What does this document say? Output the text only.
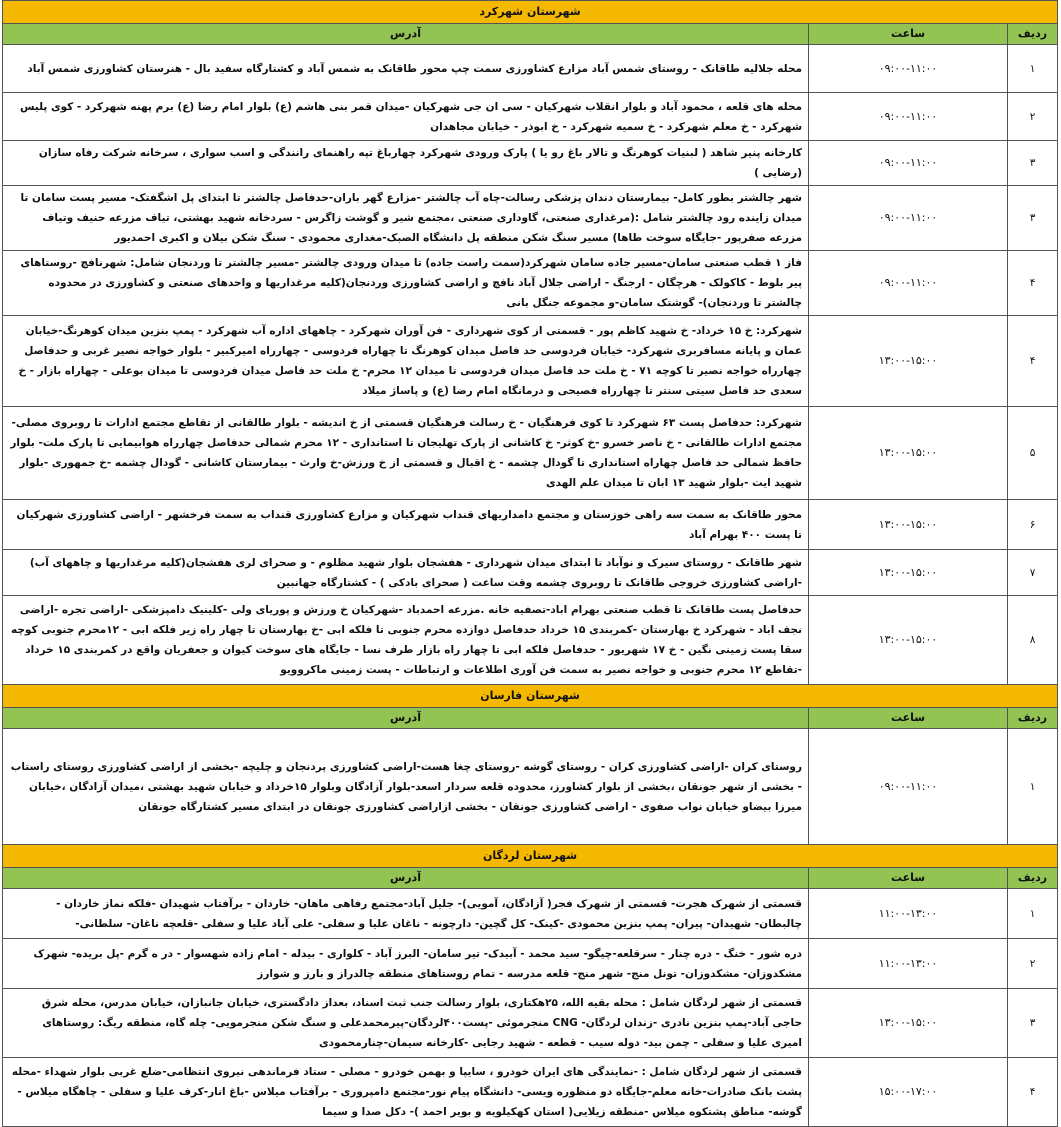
شهرستان شهرکرد		
ردیف	ساعت	آدرس
۱	۰۹:۰۰-۱۱:۰۰	محله جلالیه طاقانک - روستای شمس آباد مزارع کشاورزی سمت چپ محور طاقانک به شمس آباد و کشتارگاه سفید بال - هنرستان کشاورزی شمس آباد

۲	۰۹:۰۰-۱۱:۰۰	محله های قلعه ، محمود آباد و بلوار انقلاب شهرکیان - سی ان جی شهرکیان -میدان قمر بنی هاشم (ع) بلوار امام رضا (ع) برم پهنه شهرکرد - کوی پلیس شهرکرد - خ معلم شهرکرد - خ سمیه شهرکرد - خ ابوذر - خیابان مجاهدان

۳	۰۹:۰۰-۱۱:۰۰	کارخانه پنیر شاهد ( لبنیات کوهرنگ و تالار باغ رو یا ) پارک ورودی شهرکرد چهارباغ تپه راهنمای رانندگی و اسب سواری ، سرخانه شرکت رفاه سازان (رضایی )

۳	۰۹:۰۰-۱۱:۰۰	شهر چالشتر بطور کامل- بیمارستان دندان پزشکی رسالت-چاه آب چالشتر -مزارع گهر باران-حدفاصل چالشتر تا ابتدای پل اشگفتک- مسیر پست سامان تا میدان زاینده رود چالشتر شامل :(مرغداری صنعتی، گاوداری صنعتی ،مجتمع شیر و گوشت زاگرس - سردخانه شهید بهشتی، تیاف مزرعه حنیف وتیاف مزرعه صفرپور -جایگاه سوخت طاها) مسیر سنگ شکن منطقه پل دانشگاه الصبک-مغداری محمودی - سنگ شکن بیلان و اکبری احمدیور

۴	۰۹:۰۰-۱۱:۰۰	فاز ۱ قطب صنعتی سامان-مسیر جاده سامان شهرکرد(سمت راست جاده) تا میدان ورودی چالشتر -مسیر چالشتر تا وردنجان شامل: شهرنافچ -روستاهای پیر بلوط - کاکولک - هرچگان - ارجنگ - اراضی جلال آباد نافچ و اراضی کشاورزی وردنجان(کلیه مرغداریها و واحدهای صنعتی و کشاورزی در محدوده چالشتر تا وردنجان)- گوشتک سامان-و مجموعه جنگل بانی

۴	۱۳:۰۰-۱۵:۰۰	شهرکرد: خ ۱۵ خرداد- خ شهید کاظم پور - قسمتی از کوی شهرداری - فن آوران شهرکرد - چاههای اداره آب شهرکرد - پمپ بنزین میدان کوهرنگ-خیابان عمان و پایانه مسافربری شهرکرد- خیابان فردوسی حد فاصل میدان کوهرنگ تا چهاراه فردوسی - چهارراه امیرکبیر - بلوار خواجه نصیر غربی و حدفاصل چهارراه خواجه نصیر تا کوچه ۷۱ - خ ملت حد فاصل میدان فردوسی تا میدان ۱۲ محرم- خ ملت حد فاصل میدان فردوسی تا میدان بوعلی - چهاراه بازار - خ سعدی حد فاصل سیتی سنتر تا چهارراه فصیحی و درمانگاه امام رضا (ع) و پاساژ میلاد

۵	۱۳:۰۰-۱۵:۰۰	شهرکرد: حدفاصل پست ۶۳ شهرکرد تا کوی فرهنگیان - خ رسالت فرهنگیان قسمتی از خ اندیشه - بلوار طالقانی از تقاطع مجتمع ادارات تا روبروی مصلی- مجتمع ادارات طالقانی - خ ناصر خسرو -خ کوثر- خ کاشانی از پارک تهلیجان تا استانداری - ۱۲ محرم شمالی حدفاصل چهارراه هوابیمایی تا پارک ملت- بلوار حافظ شمالی حد فاصل چهاراه استانداری تا گودال چشمه - خ اقبال و قسمتی از خ ورزش-خ وارث - بیمارستان کاشانی - گودال چشمه -خ جمهوری -بلوار شهید ایت -بلوار شهید ۱۳ ابان تا میدان علم الهدی

۶	۱۳:۰۰-۱۵:۰۰	محور طاقانک به سمت سه راهی خوزستان و مجتمع دامداریهای قنداب شهرکیان و مزارع کشاورزی قنداب به سمت فرخشهر - اراضی کشاورزی شهرکیان تا پست ۴۰۰ بهرام آباد

۷	۱۳:۰۰-۱۵:۰۰	شهر طاقانک - روستای سیرک و نوآباد تا ابتدای میدان شهرداری - هفشجان بلوار شهید مظلوم - و صحرای لری هفشجان(کلیه مرغداریها و چاههای آب) -اراضی کشاورزی خروجی طاقانک تا روبروی چشمه وقت ساعت ( صحرای بادکی ) - کشتارگاه جهانبین

۸	۱۳:۰۰-۱۵:۰۰	حدفاصل پست طاقانک تا قطب صنعتی بهرام اباد-تصفیه خانه .مزرعه احمدباد -شهرکیان خ ورزش و پوریای ولی -کلینیک دامپزشکی -اراضی تجره -اراضی نجف اباد - شهرکرد خ بهارستان -کمربندی ۱۵ خرداد حدفاصل دوازده محرم جنوبی تا فلکه ابی -خ بهارستان تا چهار راه زیر فلکه ابی - ۱۲محرم جنوبی کوچه سقا پست زمینی نگین - خ ۱۷ شهریور - حدفاصل فلکه ابی تا چهار راه بازار طرف نسا - جایگاه های سوخت کیوان و جعفریان واقع در کمربندی ۱۵ خرداد -تقاطع ۱۲ محرم جنوبی و خواجه نصیر به سمت فن آوری اطلاعات و ارتباطات - پست زمینی ماکروویو

شهرستان فارسان		
ردیف	ساعت	آدرس
۱	۰۹:۰۰-۱۱:۰۰	روستای کران -اراضی کشاورزی کران - روستای گوشه -روستای چغا هست-اراضی کشاورزی پردنجان و چلیچه -بخشی از اراضی کشاورزی روستای راستاب - بخشی از شهر جونقان ،بخشی از بلوار کشاورز، محدوده قلعه سردار اسعد-بلوار آزادگان وبلوار ۱۵خرداد و خیابان شهید بهشتی ،میدان آزادگان ،خیابان میرزا بیضاو خیابان نواب صفوی - اراضی کشاورزی جونقان - بخشی ازاراضی کشاورزی جونقان در ابتدای مسیر کشتارگاه جونقان

شهرستان لردگان		
ردیف	ساعت	آدرس
۱	۱۱:۰۰-۱۳:۰۰	قسمتی از شهرک هجرت- قسمتی از شهرک فجر( آزادگان، آمویی)- جلیل آباد-مجتمع رفاهی ماهان- خاردان - برآفتاب شهیدان -فلکه نماز خاردان - چالبطان- شهیدان- پیران- پمپ بنزین محمودی -کینک- کل گچین- دارچونه - ناغان علیا و سفلی- علی آباد علیا و سفلی -قلعچه ناغان- سلطانی-

۲	۱۱:۰۰-۱۳:۰۰	دره شور - خنگ - دره چنار - سرقلعه-چیگو- سید محمد - آبیدک- تیر سامان- البرز آباد - کلواری - بیدله - امام زاده شهسوار - در ه گرم -پل بریده- شهرک مشکدوزان- مشکدوزان- تونل منج- شهر منج- قلعه مدرسه - تمام روستاهای منطقه چالدراز و بارز و شوارز

۳	۱۳:۰۰-۱۵:۰۰	قسمتی از شهر لردگان شامل : محله بقیه الله، ۲۵هکتاری، بلوار رسالت جنب ثبت اسناد، بعداز دادگستری، خیابان جانبازان، خیابان مدرس، محله شرق حاجی آباد-پمپ بنزین نادری -زندان لردگان- CNG منجرموئی -پست۴۰۰لردگان-پیرمحمدعلی و سنگ شکن منجرمویی- چله گاه، منطقه ریگ: روستاهای امیری علیا و سفلی - چمن بید- دوله سیب - قطعه - شهید رجایی -کارخانه سیمان-چنارمحمودی

۴	۱۵:۰۰-۱۷:۰۰	قسمتی از شهر لردگان شامل : -نمایندگی های ایران خودرو ، سایپا و بهمن خودرو - مصلی - ستاد فرماندهی نیروی انتظامی-ضلع غربی بلوار شهداء -محله پشت بانک صادرات-خانه معلم-جایگاه دو منظوره ویسی- دانشگاه پیام نور-مجتمع دامپروری - برآفتاب میلاس -باغ انار-کرف علیا و سفلی - چاهگاه میلاس - گوشه- مناطق پشتکوه میلاس -منطقه زیلایی( استان کهکیلویه و بویر احمد )- دکل صدا و سیما
